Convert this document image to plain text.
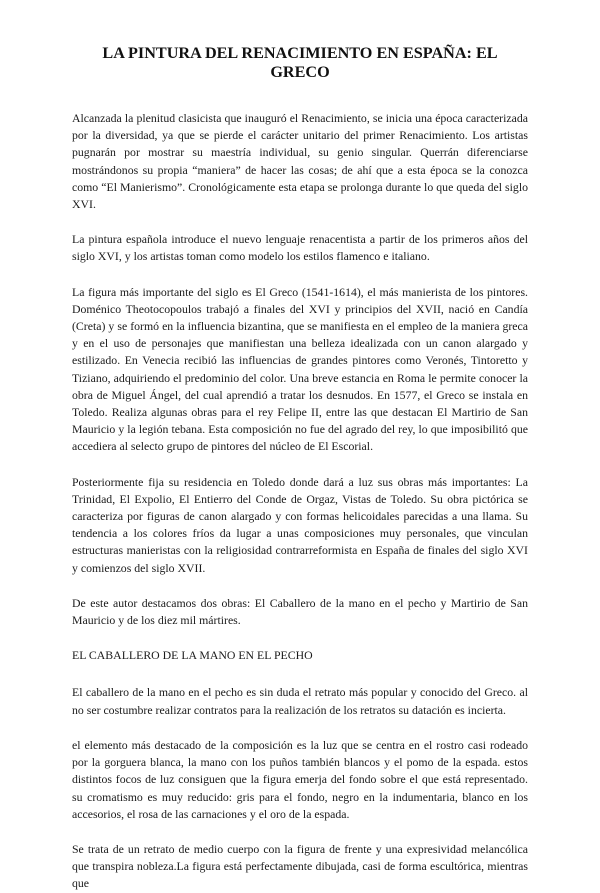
LA PINTURA DEL RENACIMIENTO EN ESPAÑA: EL GRECO

Alcanzada la plenitud clasicista que inauguró el Renacimiento, se inicia una época caracterizada por la diversidad, ya que se pierde el carácter unitario del primer Renacimiento. Los artistas pugnarán por mostrar su maestría individual, su genio singular. Querrán diferenciarse mostrándonos su propia “maniera” de hacer las cosas; de ahí que a esta época se la conozca como “El Manierismo”. Cronológicamente esta etapa se prolonga durante lo que queda del siglo XVI.

La pintura española introduce el nuevo lenguaje renacentista a partir de los primeros años del siglo XVI, y los artistas toman como modelo los estilos flamenco e italiano.

La figura más importante del siglo es El Greco (1541-1614), el más manierista de los pintores. Doménico Theotocopoulos trabajó a finales del XVI y principios del XVII, nació en Candía (Creta) y se formó en la influencia bizantina, que se manifiesta en el empleo de la maniera greca y en el uso de personajes que manifiestan una belleza idealizada con un canon alargado y estilizado. En Venecia recibió las influencias de grandes pintores como Veronés, Tintoretto y Tiziano, adquiriendo el predominio del color. Una breve estancia en Roma le permite conocer la obra de Miguel Ángel, del cual aprendió a tratar los desnudos. En 1577, el Greco se instala en Toledo. Realiza algunas obras para el rey Felipe II, entre las que destacan El Martirio de San Mauricio y la legión tebana. Esta composición no fue del agrado del rey, lo que imposibilitó que accediera al selecto grupo de pintores del núcleo de El Escorial.

Posteriormente fija su residencia en Toledo donde dará a luz sus obras más importantes: La Trinidad, El Expolio, El Entierro del Conde de Orgaz, Vistas de Toledo. Su obra pictórica se caracteriza por figuras de canon alargado y con formas helicoidales parecidas a una llama. Su tendencia a los colores fríos da lugar a unas composiciones muy personales, que vinculan estructuras manieristas con la religiosidad contrarreformista en España de finales del siglo XVI y comienzos del siglo XVII.

De este autor destacamos dos obras: El Caballero de la mano en el pecho y Martirio de San Mauricio y de los diez mil mártires.

EL CABALLERO DE LA MANO EN EL PECHO

El caballero de la mano en el pecho es sin duda el retrato más popular y conocido del Greco. al no ser costumbre realizar contratos para la realización de los retratos su datación es incierta.

el elemento más destacado de la composición es la luz que se centra en el rostro casi rodeado por la gorguera blanca, la mano con los puños también blancos y el pomo de la espada. estos distintos focos de luz consiguen que la figura emerja del fondo sobre el que está representado. su cromatismo es muy reducido: gris para el fondo, negro en la indumentaria, blanco en los accesorios, el rosa de las carnaciones y el oro de la espada.

Se trata de un retrato de medio cuerpo con la figura de frente y una expresividad melancólica que transpira nobleza.La figura está perfectamente dibujada, casi de forma escultórica, mientras que
